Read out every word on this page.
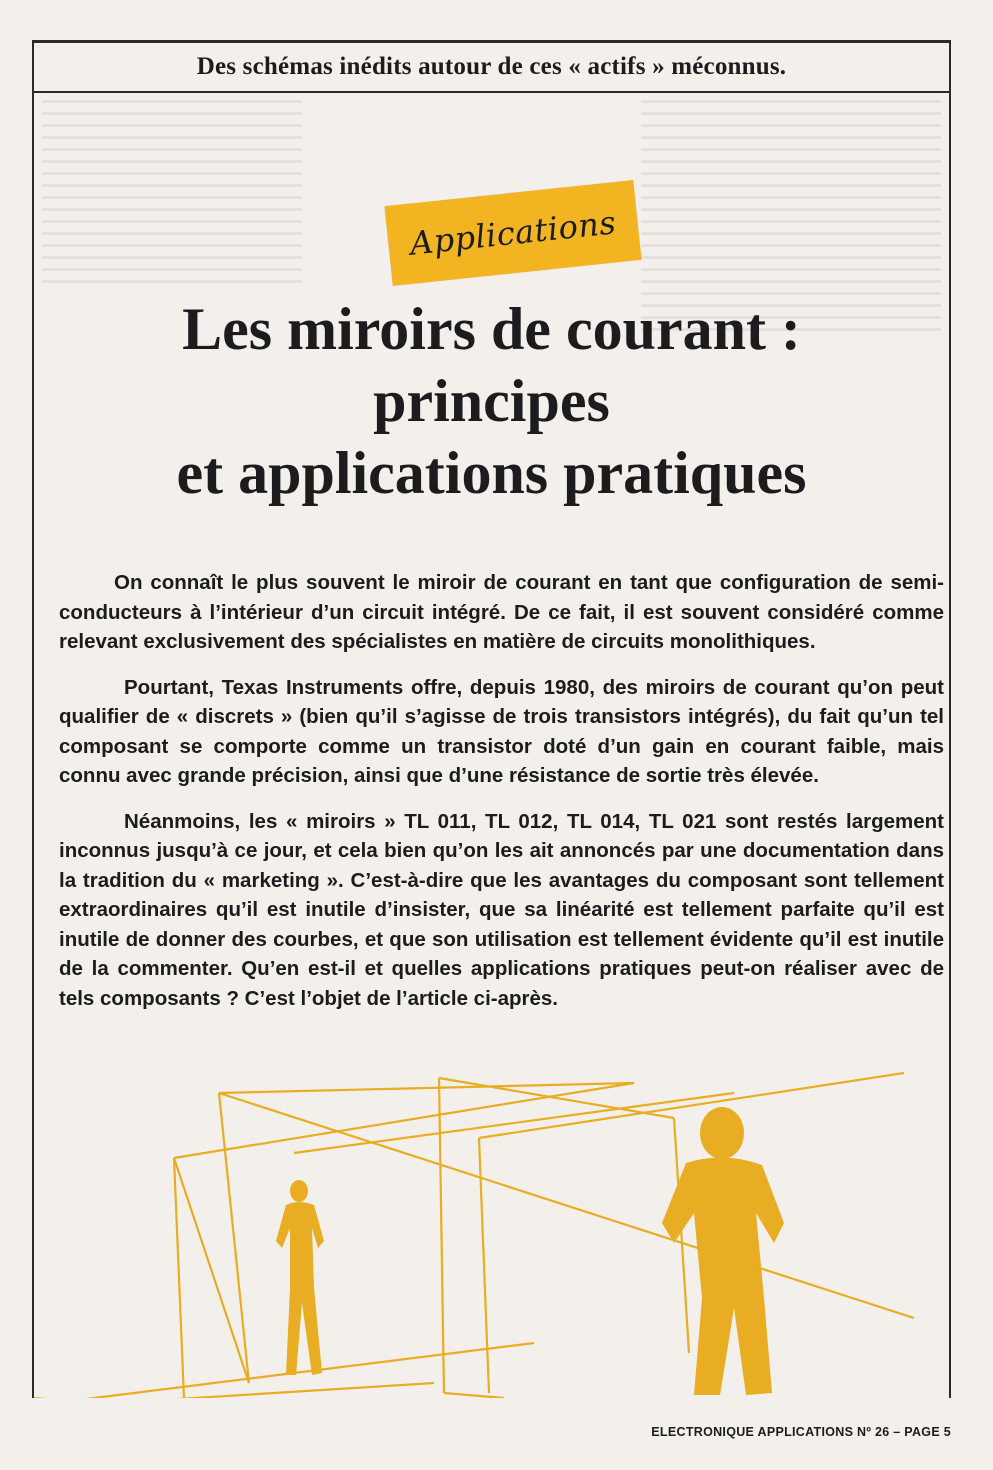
Des schémas inédits autour de ces « actifs » méconnus.
Applications
Les miroirs de courant :
principes
et applications pratiques

On connaît le plus souvent le miroir de courant en tant que configuration de semi-conducteurs à l’intérieur d’un circuit intégré. De ce fait, il est souvent considéré comme relevant exclusivement des spécialistes en matière de circuits monolithiques.

Pourtant, Texas Instruments offre, depuis 1980, des miroirs de courant qu’on peut qualifier de « discrets » (bien qu’il s’agisse de trois transistors intégrés), du fait qu’un tel composant se comporte comme un transistor doté d’un gain en courant faible, mais connu avec grande précision, ainsi que d’une résistance de sortie très élevée.

Néanmoins, les « miroirs » TL 011, TL 012, TL 014, TL 021 sont restés largement inconnus jusqu’à ce jour, et cela bien qu’on les ait annoncés par une documentation dans la tradition du « marketing ». C’est-à-dire que les avantages du composant sont tellement extraordinaires qu’il est inutile d’insister, que sa linéarité est tellement parfaite qu’il est inutile de donner des courbes, et que son utilisation est tellement évidente qu’il est inutile de la commenter. Qu’en est-il et quelles applications pratiques peut-on réaliser avec de tels composants ? C’est l’objet de l’article ci-après.

ELECTRONIQUE APPLICATIONS Nº 26 – PAGE 5
